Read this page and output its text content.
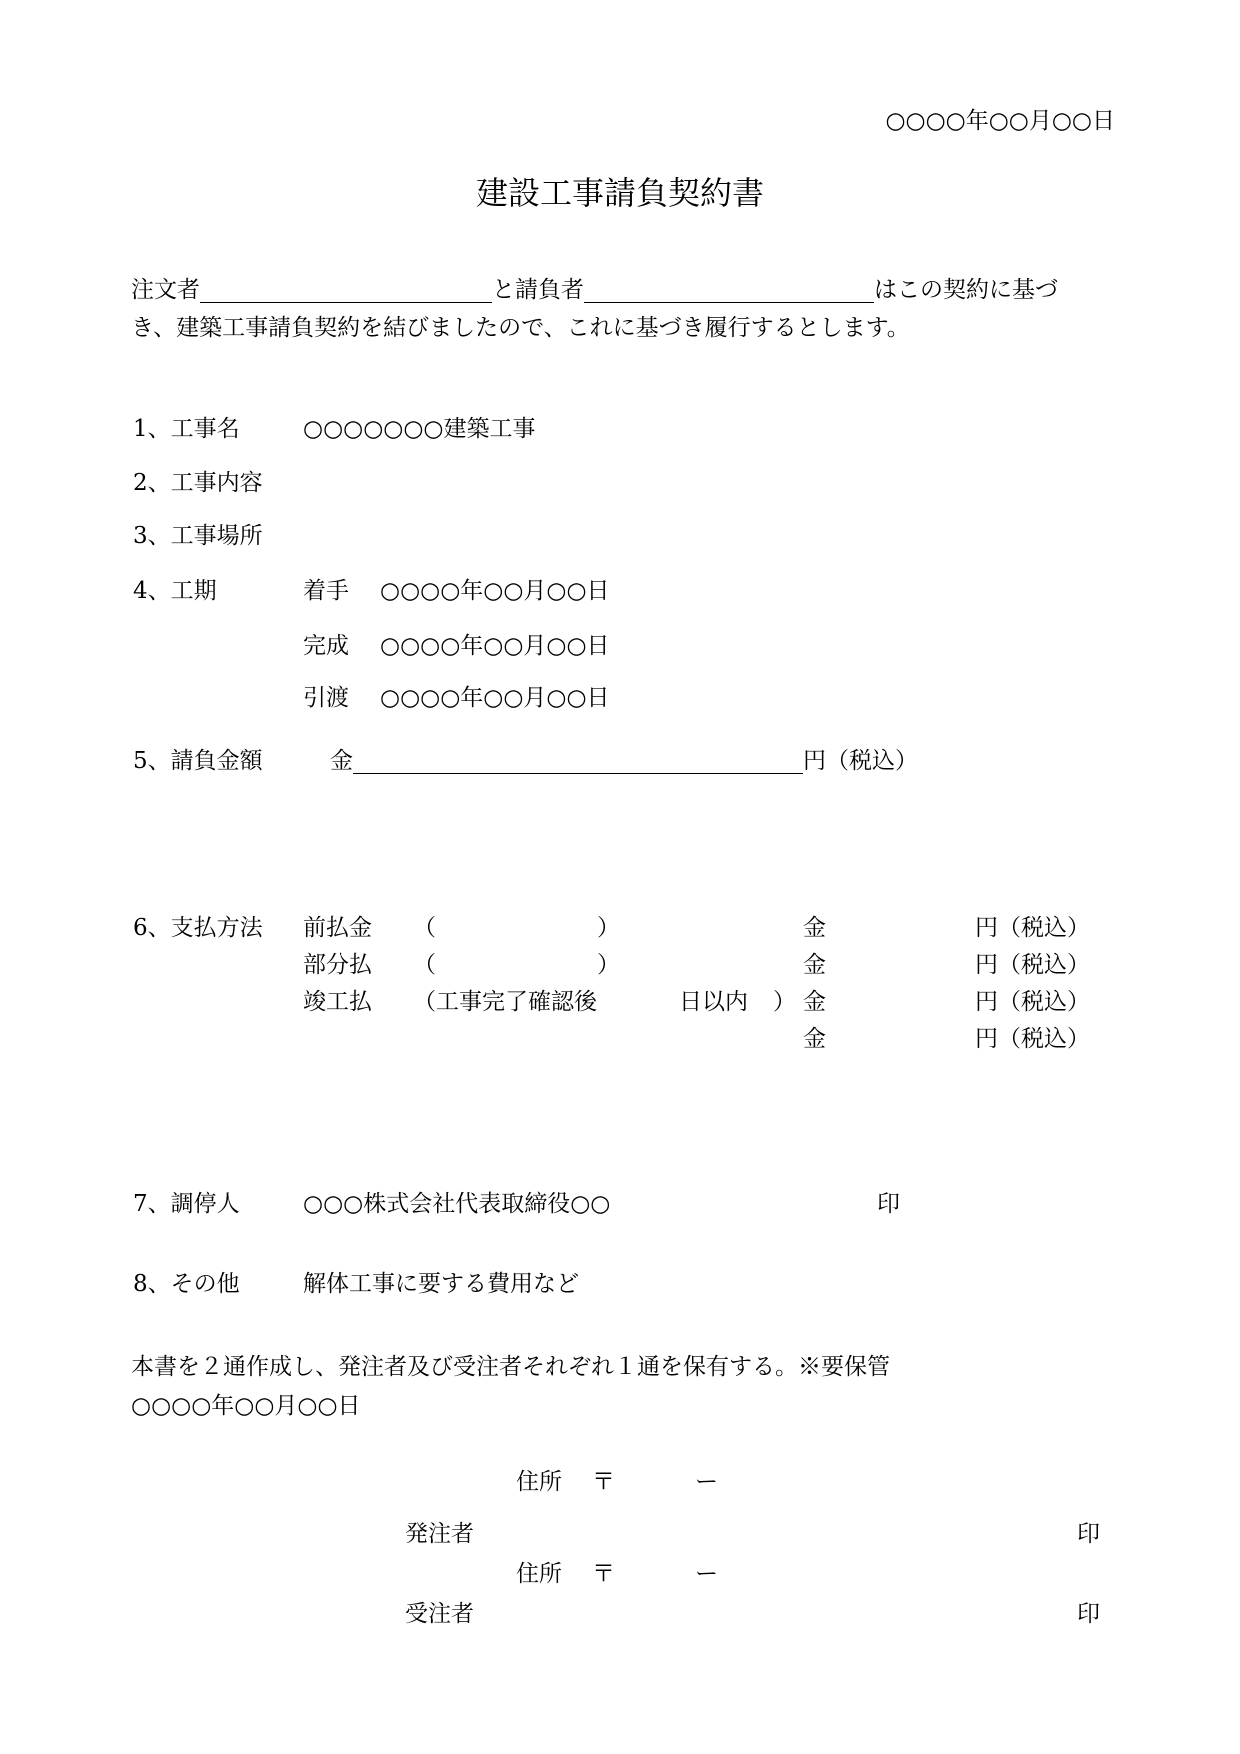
○○○○年○○月○○日
建設工事請負契約書
注文者	と請負者	はこの契約に基づ
き、建築工事請負契約を結びましたので、これに基づき履行するとします。
1、工事名	○○○○○○○建築工事
2、工事内容
3、工事場所
4、工期	着手 ○○○○年○○月○○日
完成 ○○○○年○○月○○日
引渡 ○○○○年○○月○○日
5、請負金額	金	円（税込）
6、支払方法 前払金 （	）	金	円（税込）
部分払 （	）	金	円（税込）
竣工払 （工事完了確認後	日以内 ） 金	円（税込）
金	円（税込）
7、調停人	○○○株式会社代表取締役○○	印
8、その他	解体工事に要する費用など
本書を２通作成し、発注者及び受注者それぞれ１通を保有する。※要保管
○○○○年○○月○○日
住所 〒	ー
発注者	印
住所 〒	ー
受注者	印
